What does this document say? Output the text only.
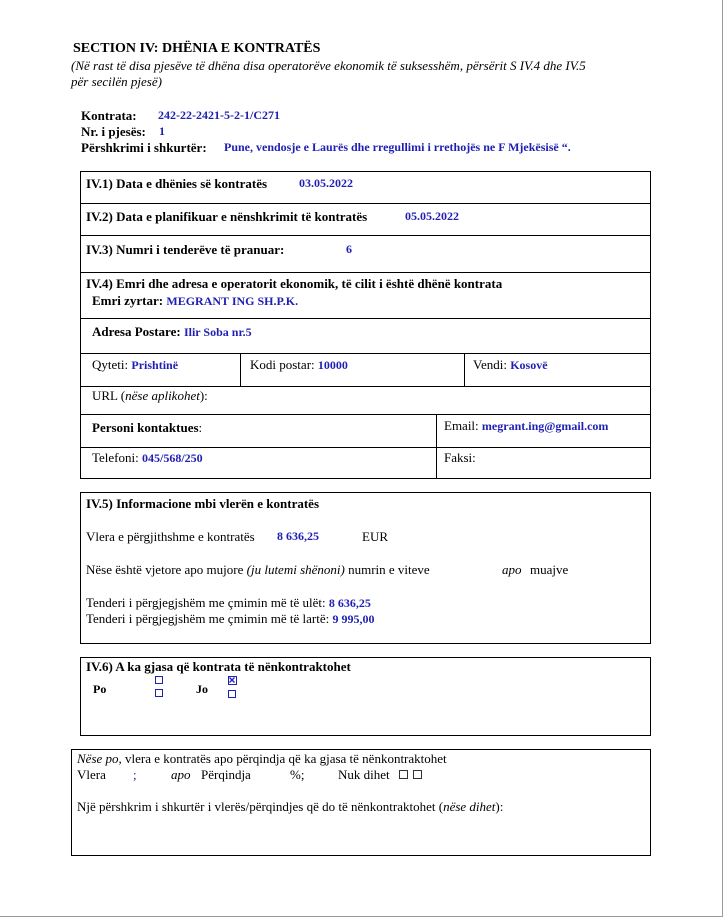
SECTION IV: DHËNIA E KONTRATËS
(Në rast të disa pjesëve të dhëna disa operatorëve ekonomik të suksesshëm, përsërit S IV.4 dhe IV.5
për secilën pjesë)
Kontrata: 242-22-2421-5-2-1/C271
Nr. i pjesës: 1
Përshkrimi i shkurtër: Pune, vendosje e Laurës dhe rregullimi i rrethojës ne F Mjekësisë “.
IV.1) Data e dhënies së kontratës	03.05.2022
IV.2) Data e planifikuar e nënshkrimit të kontratës	05.05.2022
IV.3) Numri i tenderëve të pranuar:	6
IV.4) Emri dhe adresa e operatorit ekonomik, të cilit i është dhënë kontrata
Emri zyrtar: MEGRANT ING SH.P.K.
Adresa Postare: Ilir Soba nr.5
Qyteti: Prishtinë	Kodi postar: 10000	Vendi: Kosovë
URL (nëse aplikohet):
Personi kontaktues:	Email: megrant.ing@gmail.com
Telefoni: 045/568/250	Faksi:
IV.5) Informacione mbi vlerën e kontratës
Vlera e përgjithshme e kontratës 8 636,25	EUR
Nëse është vjetore apo mujore (ju lutemi shënoni) numrin e viteve	apo muajve
Tenderi i përgjegjshëm me çmimin më të ulët: 8 636,25
Tenderi i përgjegjshëm me çmimin më të lartë: 9 995,00
IV.6) A ka gjasa që kontrata të nënkontraktohet
Po	Jo
Nëse po, vlera e kontratës apo përqindja që ka gjasa të nënkontraktohet
Vlera ;	apo Përqindja	%;	Nuk dihet
Një përshkrim i shkurtër i vlerës/përqindjes që do të nënkontraktohet (nëse dihet):
